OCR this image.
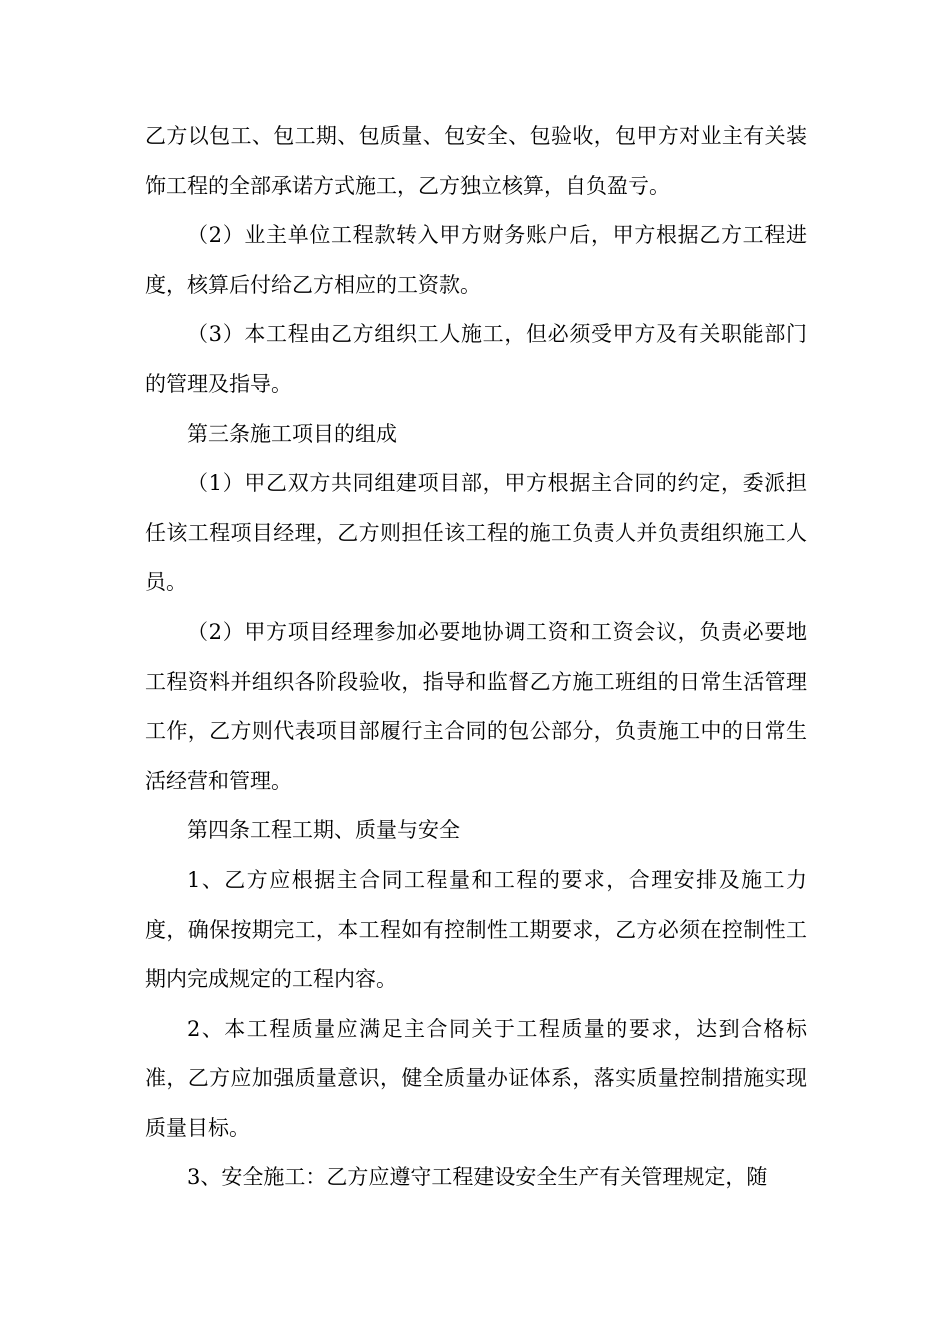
乙方以包工、包工期、包质量、包安全、包验收，包甲方对业主有关装饰工程的全部承诺方式施工，乙方独立核算，自负盈亏。

（2）业主单位工程款转入甲方财务账户后，甲方根据乙方工程进度，核算后付给乙方相应的工资款。

（3）本工程由乙方组织工人施工，但必须受甲方及有关职能部门的管理及指导。

第三条施工项目的组成

（1）甲乙双方共同组建项目部，甲方根据主合同的约定，委派担任该工程项目经理，乙方则担任该工程的施工负责人并负责组织施工人员。

（2）甲方项目经理参加必要地协调工资和工资会议，负责必要地工程资料并组织各阶段验收，指导和监督乙方施工班组的日常生活管理工作，乙方则代表项目部履行主合同的包公部分，负责施工中的日常生活经营和管理。

第四条工程工期、质量与安全

1、乙方应根据主合同工程量和工程的要求，合理安排及施工力度，确保按期完工，本工程如有控制性工期要求，乙方必须在控制性工期内完成规定的工程内容。

2、本工程质量应满足主合同关于工程质量的要求，达到合格标准，乙方应加强质量意识，健全质量办证体系，落实质量控制措施实现质量目标。

3、安全施工：乙方应遵守工程建设安全生产有关管理规定，随
